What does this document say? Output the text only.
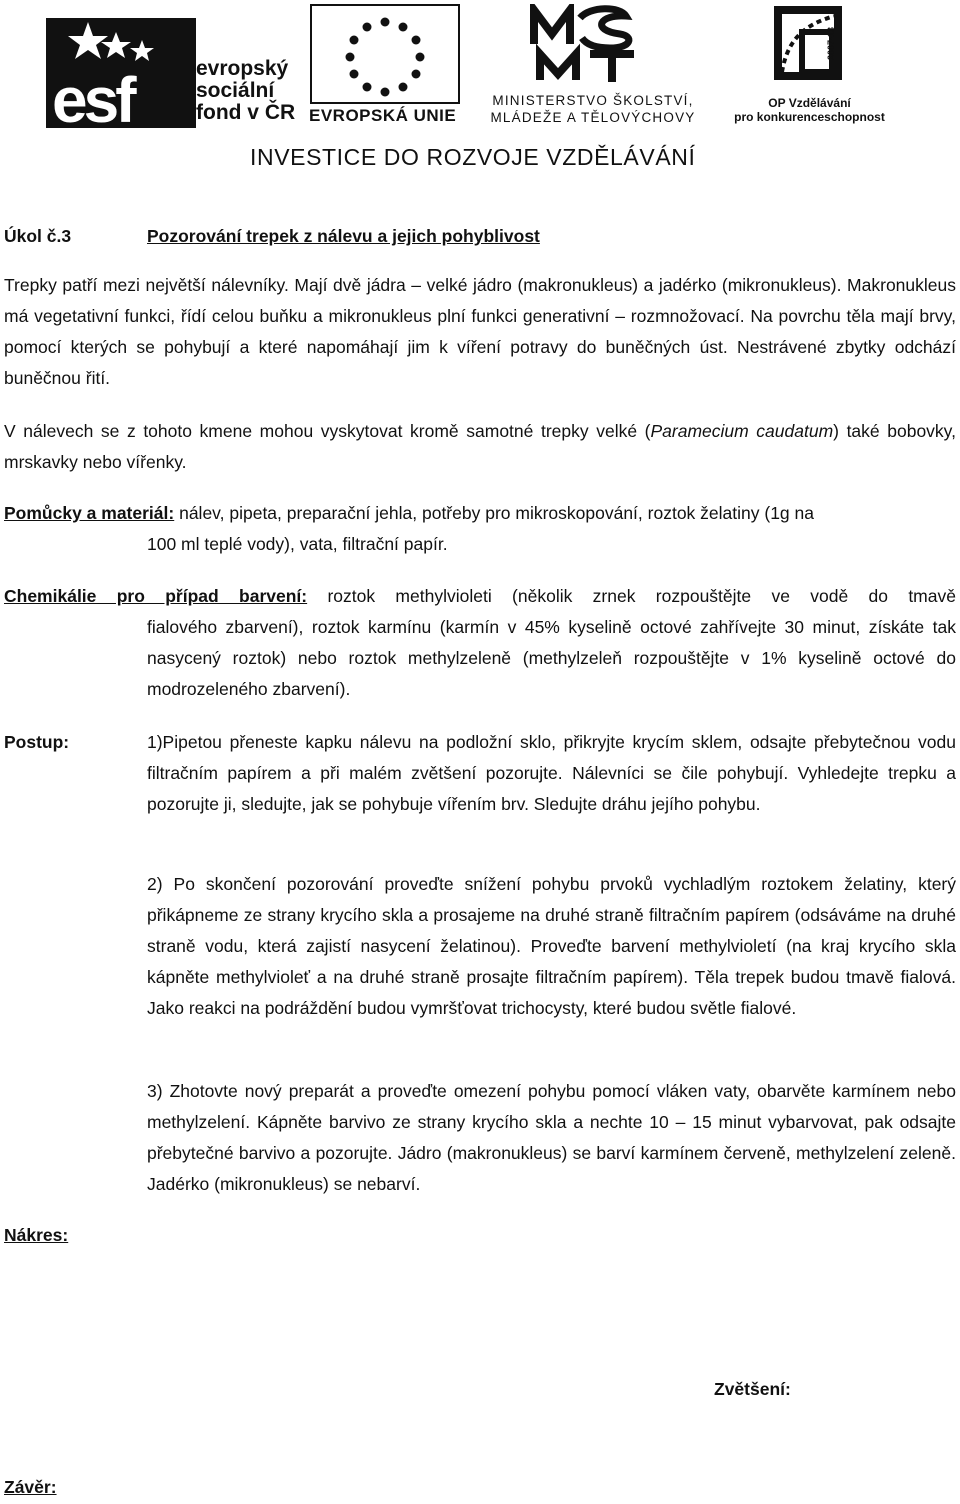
esf	evropský
sociální
fond v ČR EVROPSKÁ UNIE
MINISTERSTVO ŠKOLSTVÍ,
MLÁDEŽE A TĚLOVÝCHOVY
2007-13
OP Vzdělávání
pro konkurenceschopnost
INVESTICE DO ROZVOJE VZDĚLÁVÁNÍ
Úkol č.3	Pozorování trepek z nálevu a jejich pohyblivost
Trepky patří mezi největší nálevníky. Mají dvě jádra – velké jádro (makronukleus) a jadérko (mikronukleus). Makronukleus má vegetativní funkci, řídí celou buňku a mikronukleus plní funkci generativní – rozmnožovací. Na povrchu těla mají brvy, pomocí kterých se pohybují a které napomáhají jim k víření potravy do buněčných úst. Nestrávené zbytky odchází buněčnou řití.
V nálevech se z tohoto kmene mohou vyskytovat kromě samotné trepky velké (Paramecium caudatum) také bobovky, mrskavky nebo vířenky.
Pomůcky a materiál: nálev, pipeta, preparační jehla, potřeby pro mikroskopování, roztok želatiny (1g na
100 ml teplé vody), vata, filtrační papír.
Chemikálie pro případ barvení: roztok methylvioleti (několik zrnek rozpouštějte ve vodě do tmavě
fialového zbarvení), roztok karmínu (karmín v 45% kyselině octové zahřívejte 30 minut, získáte tak nasycený roztok) nebo roztok methylzeleně (methylzeleň rozpouštějte v 1% kyselině octové do modrozeleného zbarvení).
Postup:	1)Pipetou přeneste kapku nálevu na podložní sklo, přikryjte krycím sklem, odsajte přebytečnou vodu filtračním papírem a při malém zvětšení pozorujte. Nálevníci se čile pohybují. Vyhledejte trepku a pozorujte ji, sledujte, jak se pohybuje vířením brv. Sledujte dráhu jejího pohybu.
2) Po skončení pozorování proveďte snížení pohybu prvoků vychladlým roztokem želatiny, který přikápneme ze strany krycího skla a prosajeme na druhé straně filtračním papírem (odsáváme na druhé straně vodu, která zajistí nasycení želatinou). Proveďte barvení methylvioletí (na kraj krycího skla kápněte methylvioleť a na druhé straně prosajte filtračním papírem). Těla trepek budou tmavě fialová. Jako reakci na podráždění budou vymršťovat trichocysty, které budou světle fialové.
3) Zhotovte nový preparát a proveďte omezení pohybu pomocí vláken vaty, obarvěte karmínem nebo methylzelení. Kápněte barvivo ze strany krycího skla a nechte 10 – 15 minut vybarvovat, pak odsajte přebytečné barvivo a pozorujte. Jádro (makronukleus) se barví karmínem červeně, methylzelení zeleně. Jadérko (mikronukleus) se nebarví.
Nákres:
Zvětšení:
Závěr:
